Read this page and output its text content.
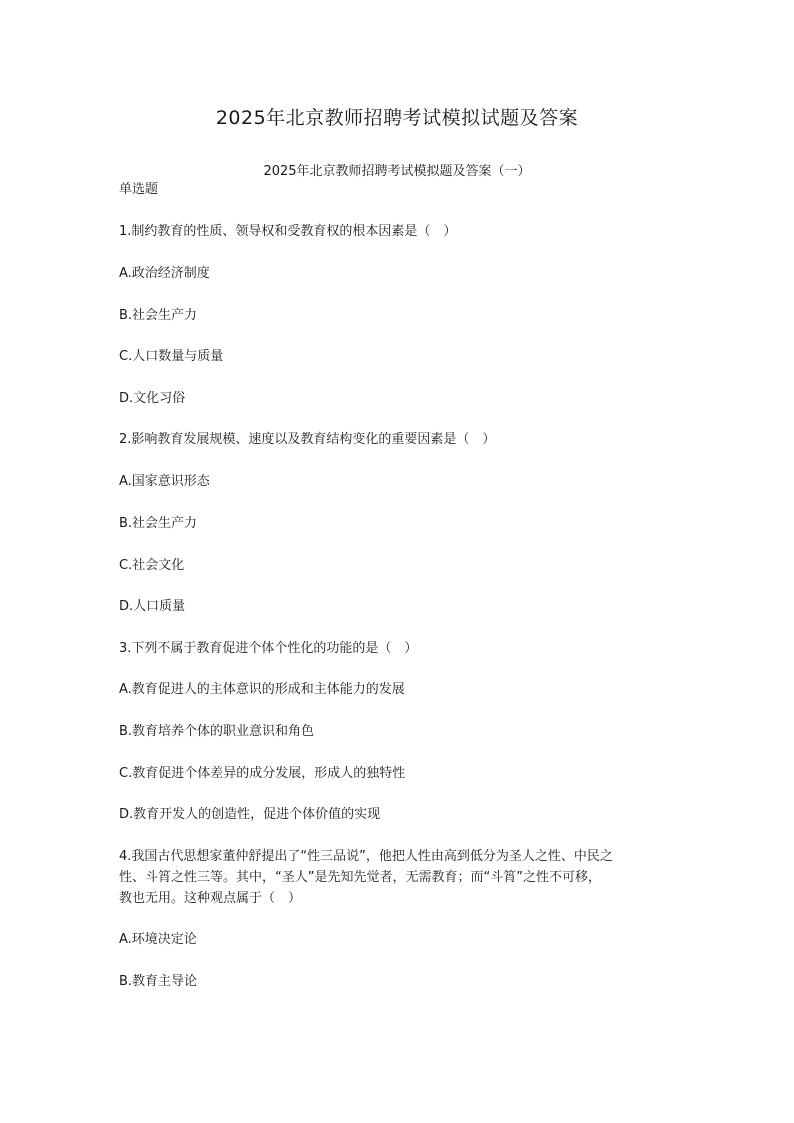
2025年北京教师招聘考试模拟试题及答案
2025年北京教师招聘考试模拟题及答案（一）
单选题
1.制约教育的性质、领导权和受教育权的根本因素是（　）
A.政治经济制度
B.社会生产力
C.人口数量与质量
D.文化习俗
2.影响教育发展规模、速度以及教育结构变化的重要因素是（　）
A.国家意识形态
B.社会生产力
C.社会文化
D.人口质量
3.下列不属于教育促进个体个性化的功能的是（　）
A.教育促进人的主体意识的形成和主体能力的发展
B.教育培养个体的职业意识和角色
C.教育促进个体差异的成分发展，形成人的独特性
D.教育开发人的创造性，促进个体价值的实现
4.我国古代思想家董仲舒提出了“性三品说”，他把人性由高到低分为圣人之性、中民之
性、斗筲之性三等。其中，“圣人”是先知先觉者，无需教育；而“斗筲”之性不可移，
教也无用。这种观点属于（　）
A.环境决定论
B.教育主导论
